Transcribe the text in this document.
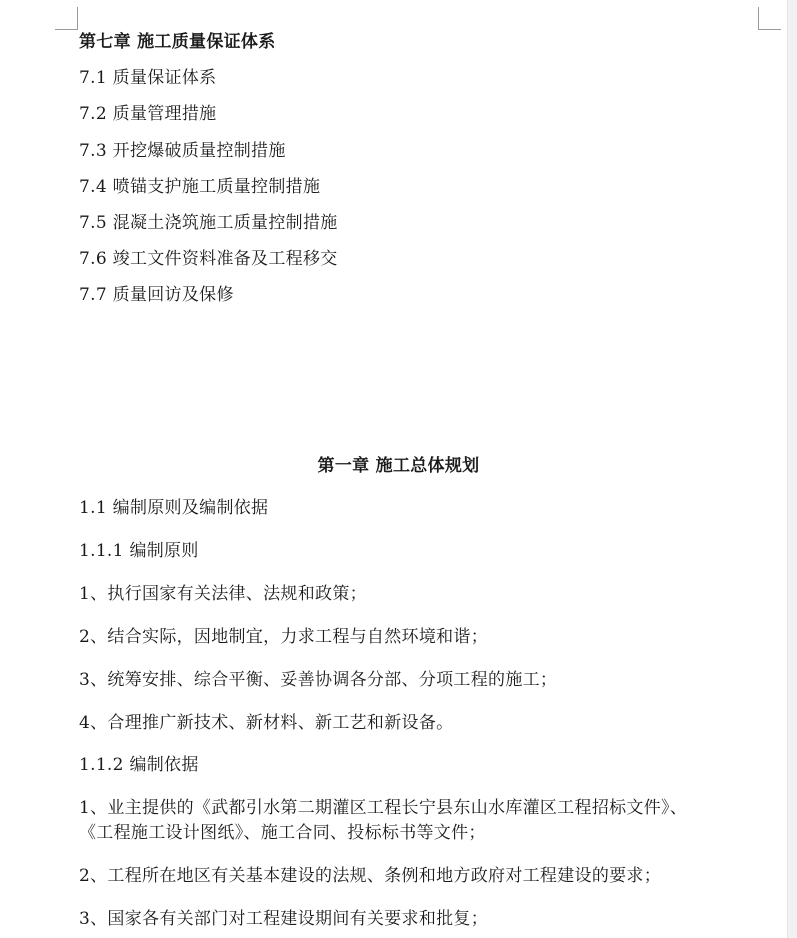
第七章 施工质量保证体系
7.1 质量保证体系
7.2 质量管理措施
7.3 开挖爆破质量控制措施
7.4 喷锚支护施工质量控制措施
7.5 混凝土浇筑施工质量控制措施
7.6 竣工文件资料准备及工程移交
7.7 质量回访及保修
第一章 施工总体规划
1.1 编制原则及编制依据
1.1.1 编制原则
1、执行国家有关法律、法规和政策；
2、结合实际，因地制宜，力求工程与自然环境和谐；
3、统筹安排、综合平衡、妥善协调各分部、分项工程的施工；
4、合理推广新技术、新材料、新工艺和新设备。
1.1.2 编制依据
1、业主提供的《武都引水第二期灌区工程长宁县东山水库灌区工程招标文件》、
《工程施工设计图纸》、施工合同、投标标书等文件；
2、工程所在地区有关基本建设的法规、条例和地方政府对工程建设的要求；
3、国家各有关部门对工程建设期间有关要求和批复；
